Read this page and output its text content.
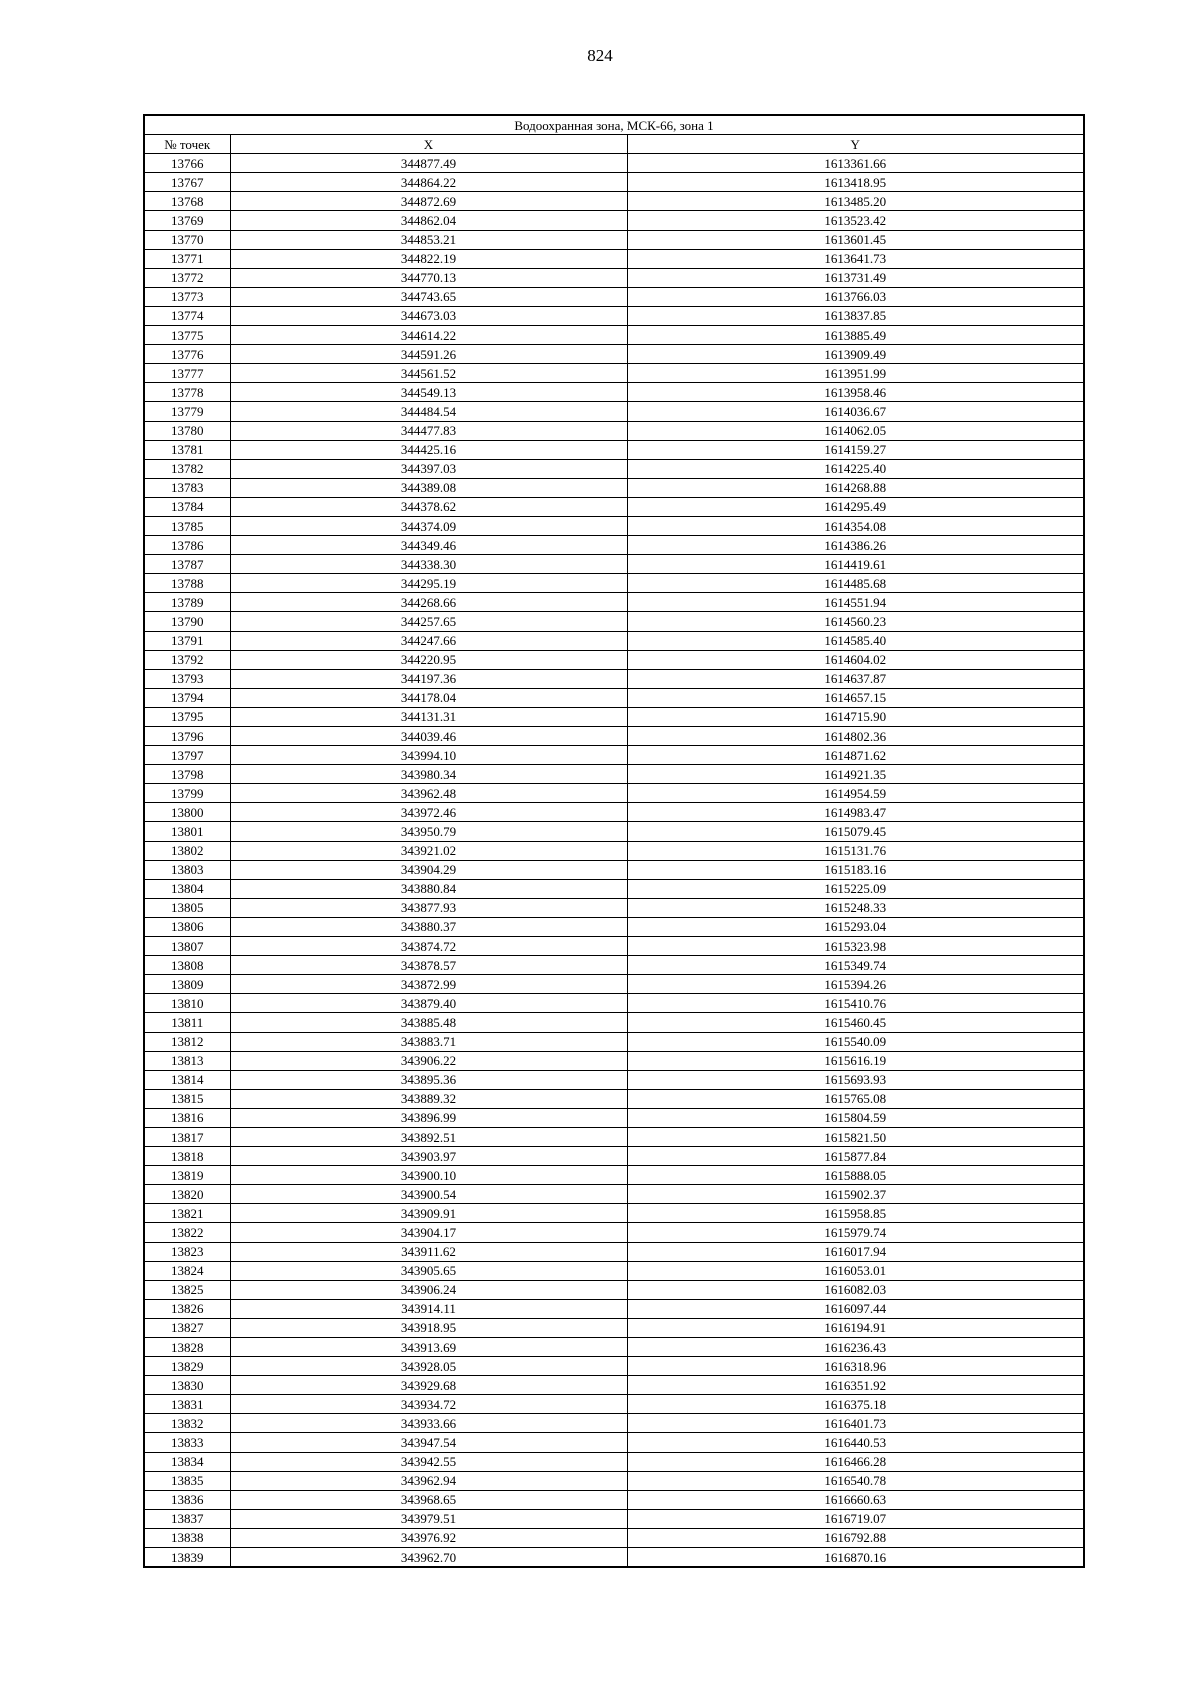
824
Водоохранная зона, МСК-66, зона 1		
№ точек	X	Y
13766	344877.49	1613361.66
13767	344864.22	1613418.95
13768	344872.69	1613485.20
13769	344862.04	1613523.42
13770	344853.21	1613601.45
13771	344822.19	1613641.73
13772	344770.13	1613731.49
13773	344743.65	1613766.03
13774	344673.03	1613837.85
13775	344614.22	1613885.49
13776	344591.26	1613909.49
13777	344561.52	1613951.99
13778	344549.13	1613958.46
13779	344484.54	1614036.67
13780	344477.83	1614062.05
13781	344425.16	1614159.27
13782	344397.03	1614225.40
13783	344389.08	1614268.88
13784	344378.62	1614295.49
13785	344374.09	1614354.08
13786	344349.46	1614386.26
13787	344338.30	1614419.61
13788	344295.19	1614485.68
13789	344268.66	1614551.94
13790	344257.65	1614560.23
13791	344247.66	1614585.40
13792	344220.95	1614604.02
13793	344197.36	1614637.87
13794	344178.04	1614657.15
13795	344131.31	1614715.90
13796	344039.46	1614802.36
13797	343994.10	1614871.62
13798	343980.34	1614921.35
13799	343962.48	1614954.59
13800	343972.46	1614983.47
13801	343950.79	1615079.45
13802	343921.02	1615131.76
13803	343904.29	1615183.16
13804	343880.84	1615225.09
13805	343877.93	1615248.33
13806	343880.37	1615293.04
13807	343874.72	1615323.98
13808	343878.57	1615349.74
13809	343872.99	1615394.26
13810	343879.40	1615410.76
13811	343885.48	1615460.45
13812	343883.71	1615540.09
13813	343906.22	1615616.19
13814	343895.36	1615693.93
13815	343889.32	1615765.08
13816	343896.99	1615804.59
13817	343892.51	1615821.50
13818	343903.97	1615877.84
13819	343900.10	1615888.05
13820	343900.54	1615902.37
13821	343909.91	1615958.85
13822	343904.17	1615979.74
13823	343911.62	1616017.94
13824	343905.65	1616053.01
13825	343906.24	1616082.03
13826	343914.11	1616097.44
13827	343918.95	1616194.91
13828	343913.69	1616236.43
13829	343928.05	1616318.96
13830	343929.68	1616351.92
13831	343934.72	1616375.18
13832	343933.66	1616401.73
13833	343947.54	1616440.53
13834	343942.55	1616466.28
13835	343962.94	1616540.78
13836	343968.65	1616660.63
13837	343979.51	1616719.07
13838	343976.92	1616792.88
13839	343962.70	1616870.16
